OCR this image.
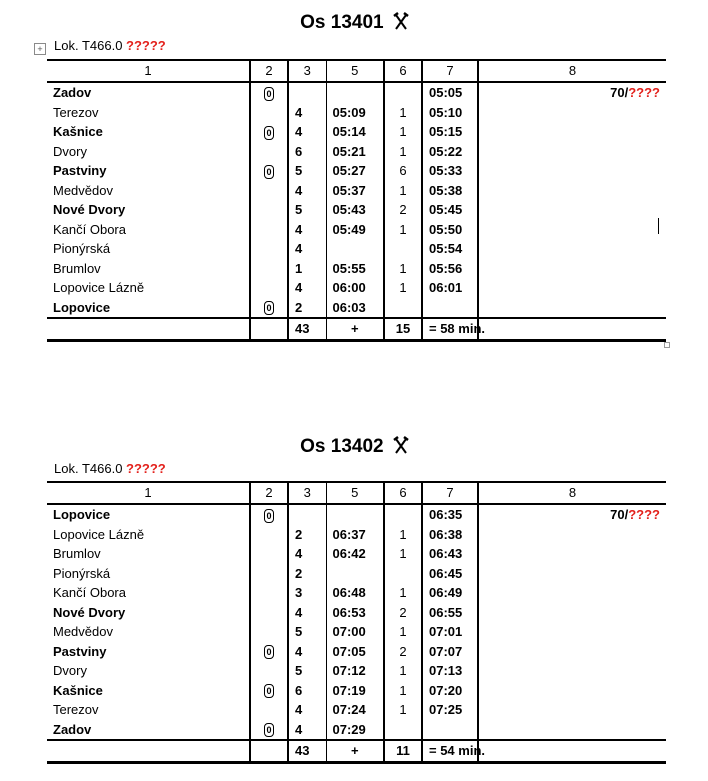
Os 13401
+ Lok. T466.0 ?????
1	2	3	5	6	7	8
Zadov	0				05:05	70/????
Terezov		4	05:09	1	05:10	
Kašnice	0	4	05:14	1	05:15	
Dvory		6	05:21	1	05:22	
Pastviny	0	5	05:27	6	05:33	
Medvědov		4	05:37	1	05:38	
Nové Dvory		5	05:43	2	05:45	
Kančí Obora		4	05:49	1	05:50	
Pionýrská		4			05:54	
Brumlov		1	05:55	1	05:56	
Lopovice Lázně		4	06:00	1	06:01	
Lopovice	0	2	06:03			
		43	+	15	= 58 min.	
Os 13402
Lok. T466.0 ?????
1	2	3	5	6	7	8
Lopovice	0				06:35	70/????
Lopovice Lázně		2	06:37	1	06:38	
Brumlov		4	06:42	1	06:43	
Pionýrská		2			06:45	
Kančí Obora		3	06:48	1	06:49	
Nové Dvory		4	06:53	2	06:55	
Medvědov		5	07:00	1	07:01	
Pastviny	0	4	07:05	2	07:07	
Dvory		5	07:12	1	07:13	
Kašnice	0	6	07:19	1	07:20	
Terezov		4	07:24	1	07:25	
Zadov	0	4	07:29			
		43	+	11	= 54 min.	
